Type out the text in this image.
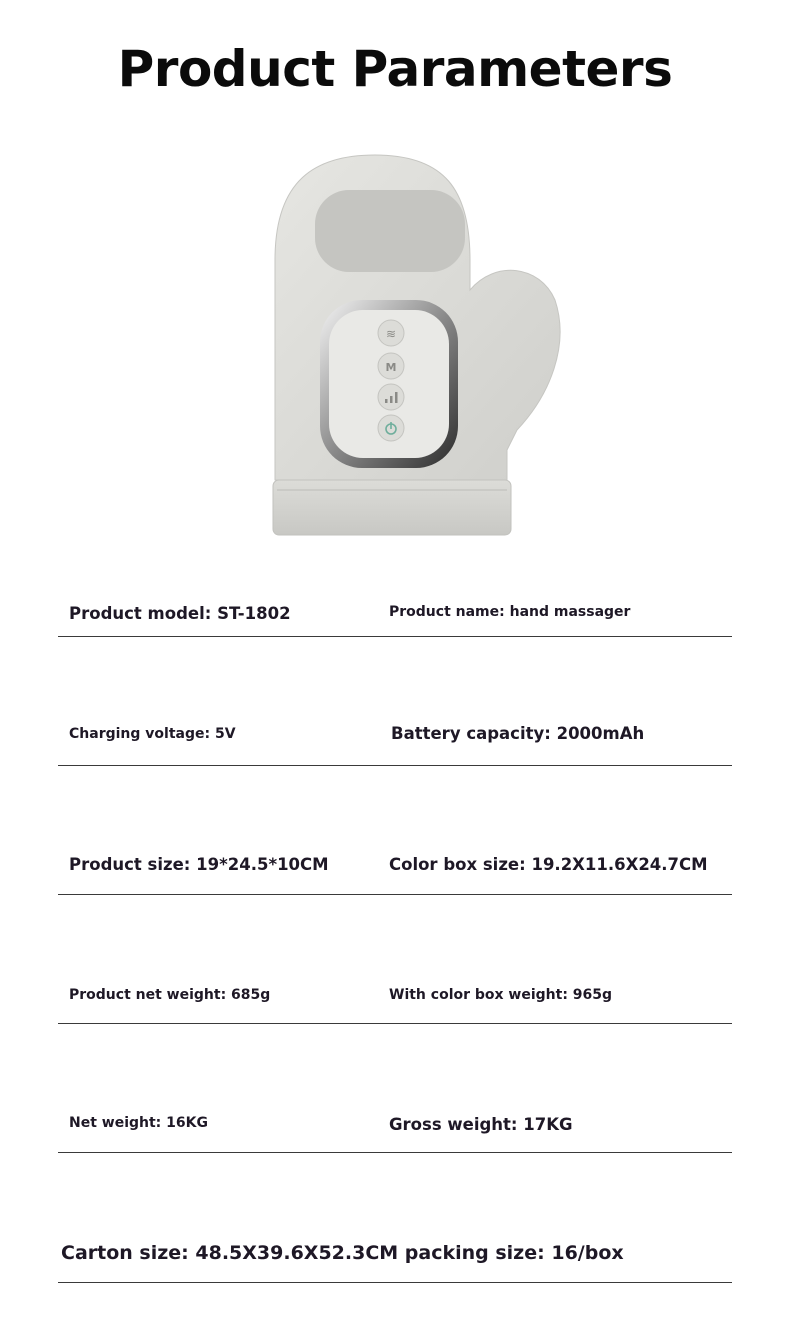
Product Parameters
≋
M
Product model: ST-1802	Product name: hand massager
Charging voltage: 5V	Battery capacity: 2000mAh
Product size: 19*24.5*10CM	Color box size: 19.2X11.6X24.7CM
Product net weight: 685g	With color box weight: 965g
Net weight: 16KG	Gross weight: 17KG
Carton size: 48.5X39.6X52.3CM packing size: 16/box
